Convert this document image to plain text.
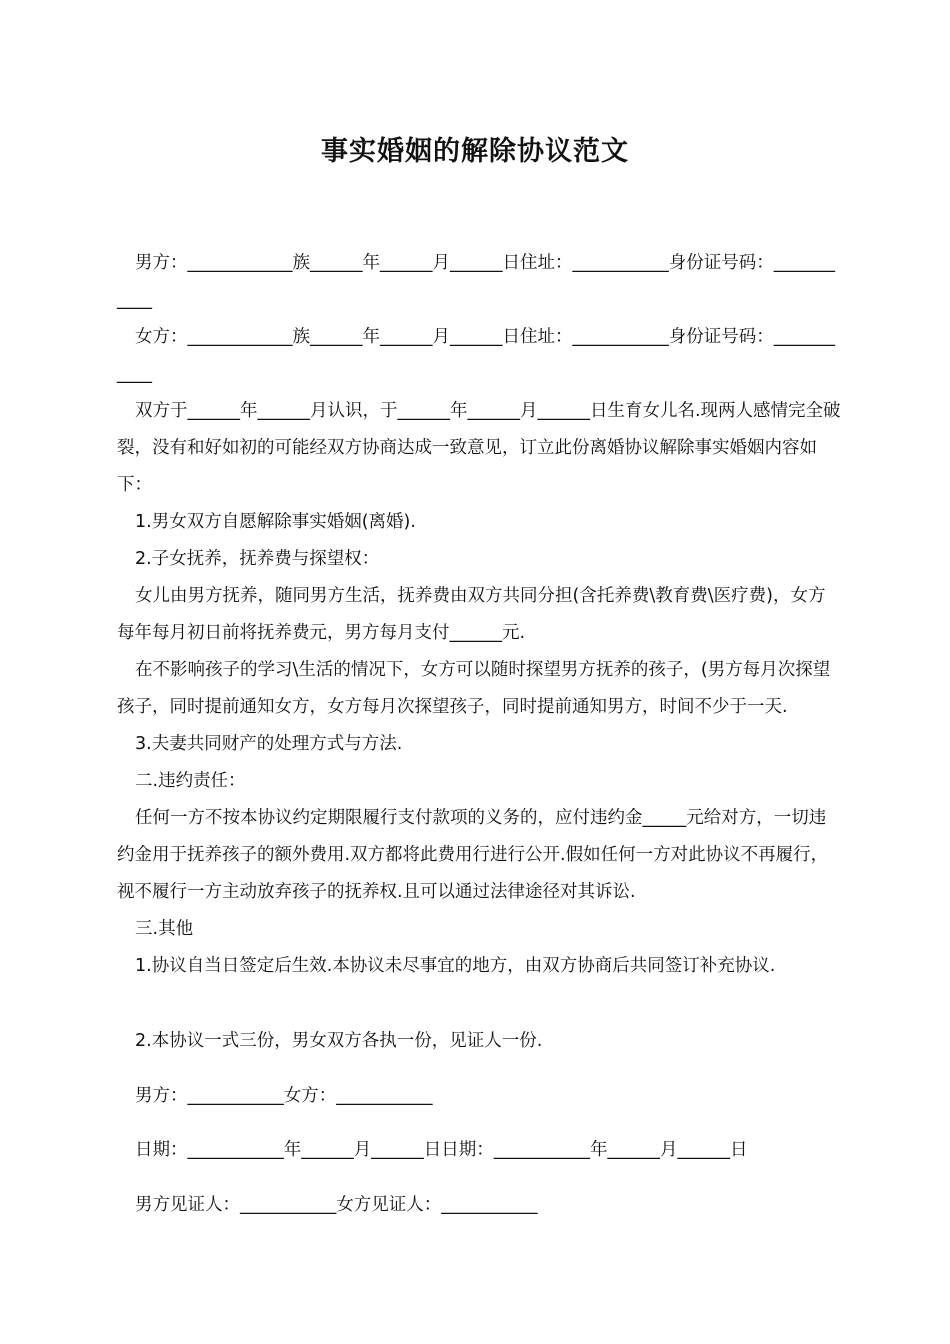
事实婚姻的解除协议范文

男方：____________族______年______月______日住址：___________身份证号码：___________

女方：____________族______年______月______日住址：___________身份证号码：___________

双方于______年______月认识，于______年______月______日生育女儿名.现两人感情完全破裂，没有和好如初的可能经双方协商达成一致意见，订立此份离婚协议解除事实婚姻内容如下：

1.男女双方自愿解除事实婚姻(离婚).

2.子女抚养，抚养费与探望权：

女儿由男方抚养，随同男方生活，抚养费由双方共同分担(含托养费\教育费\医疗费)，女方每年每月初日前将抚养费元，男方每月支付______元.

在不影响孩子的学习\生活的情况下，女方可以随时探望男方抚养的孩子，(男方每月次探望孩子，同时提前通知女方，女方每月次探望孩子，同时提前通知男方，时间不少于一天.

3.夫妻共同财产的处理方式与方法.

二.违约责任：

任何一方不按本协议约定期限履行支付款项的义务的，应付违约金_____元给对方，一切违约金用于抚养孩子的额外费用.双方都将此费用行进行公开.假如任何一方对此协议不再履行，视不履行一方主动放弃孩子的抚养权.且可以通过法律途径对其诉讼.

三.其他

1.协议自当日签定后生效.本协议未尽事宜的地方，由双方协商后共同签订补充协议.

2.本协议一式三份，男女双方各执一份，见证人一份.

男方：___________女方：___________

日期：___________年______月______日日期：___________年______月______日

男方见证人：___________女方见证人：___________
